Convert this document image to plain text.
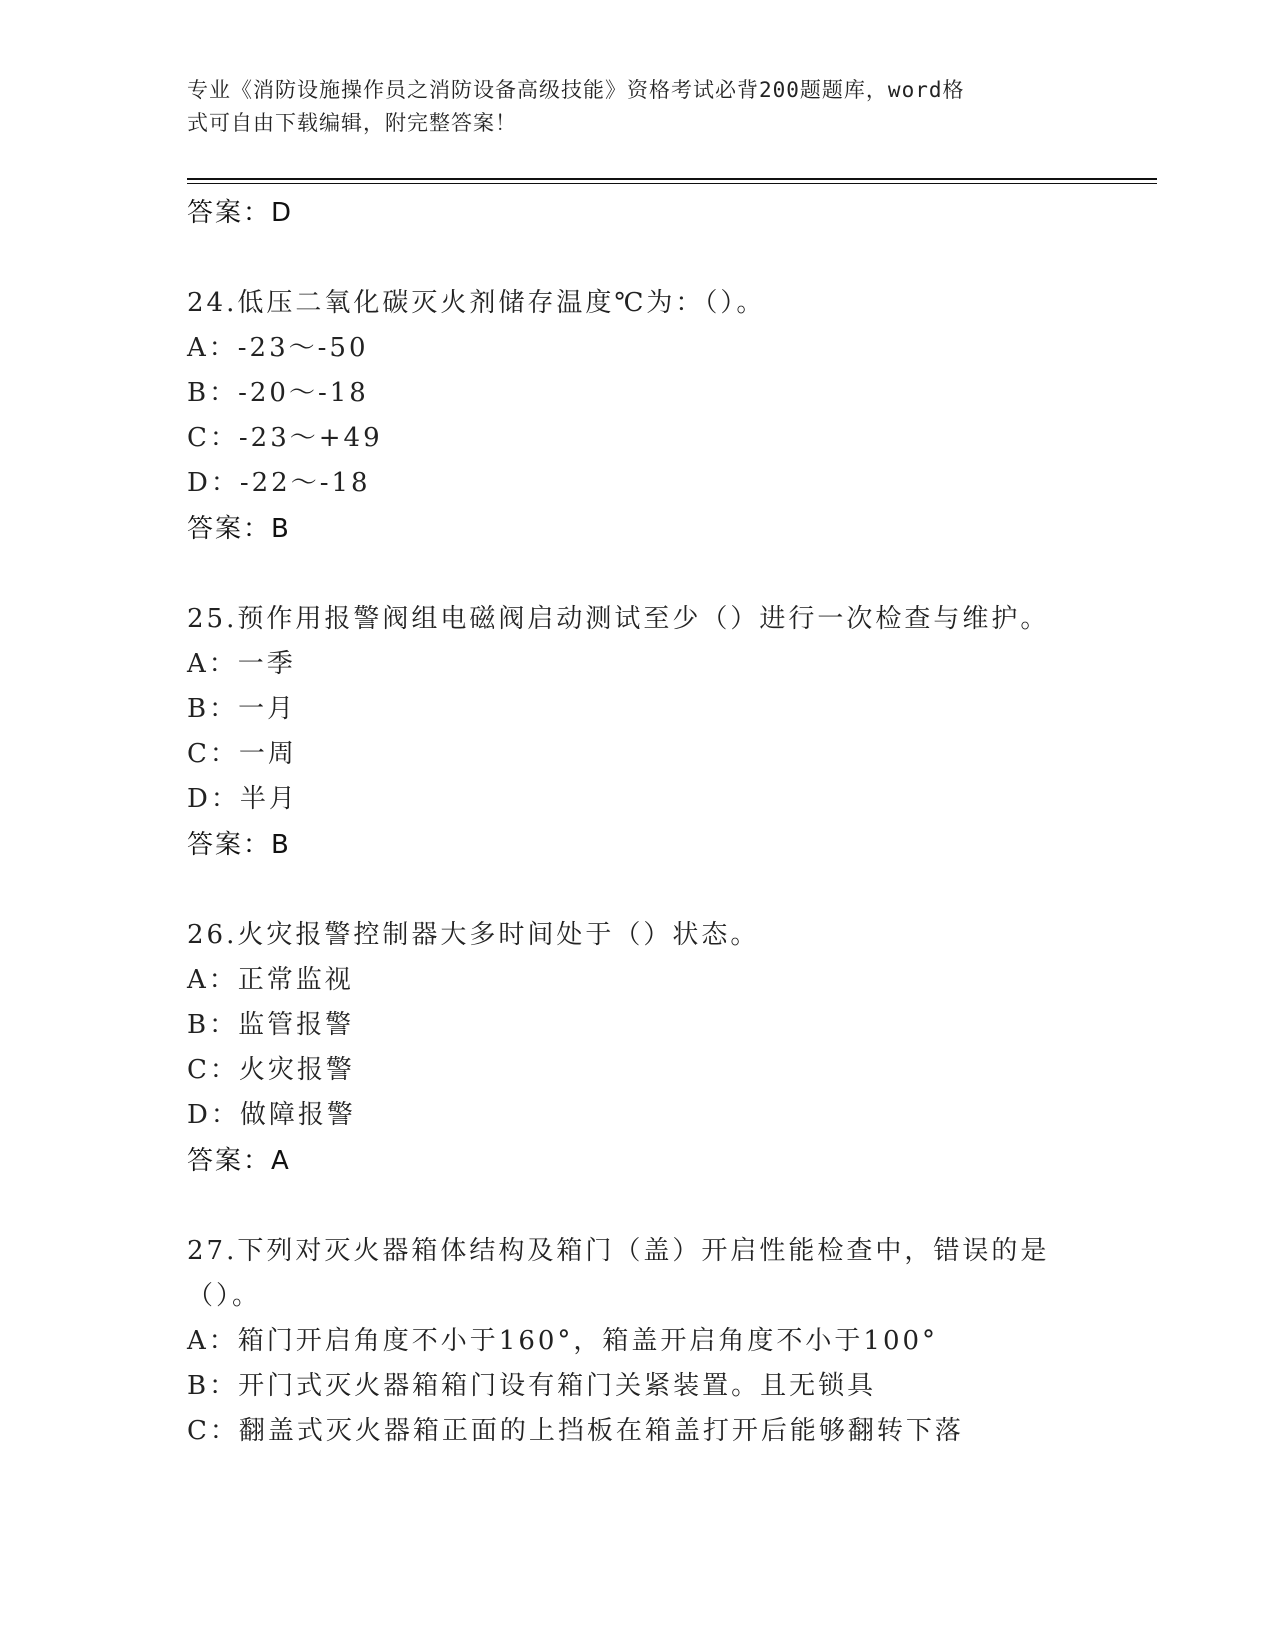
专业《消防设施操作员之消防设备高级技能》资格考试必背200题题库，word格
式可自由下载编辑，附完整答案！
答案：D
24.低压二氧化碳灭火剂储存温度℃为：（）。
A：-23～-50
B：-20～-18
C：-23～+49
D：-22～-18
答案：B
25.预作用报警阀组电磁阀启动测试至少（）进行一次检查与维护。
A：一季
B：一月
C：一周
D：半月
答案：B
26.火灾报警控制器大多时间处于（）状态。
A：正常监视
B：监管报警
C：火灾报警
D：做障报警
答案：A
27.下列对灭火器箱体结构及箱门（盖）开启性能检查中，错误的是（）。
A：箱门开启角度不小于160°，箱盖开启角度不小于100°
B：开门式灭火器箱箱门设有箱门关紧装置。且无锁具
C：翻盖式灭火器箱正面的上挡板在箱盖打开后能够翻转下落
